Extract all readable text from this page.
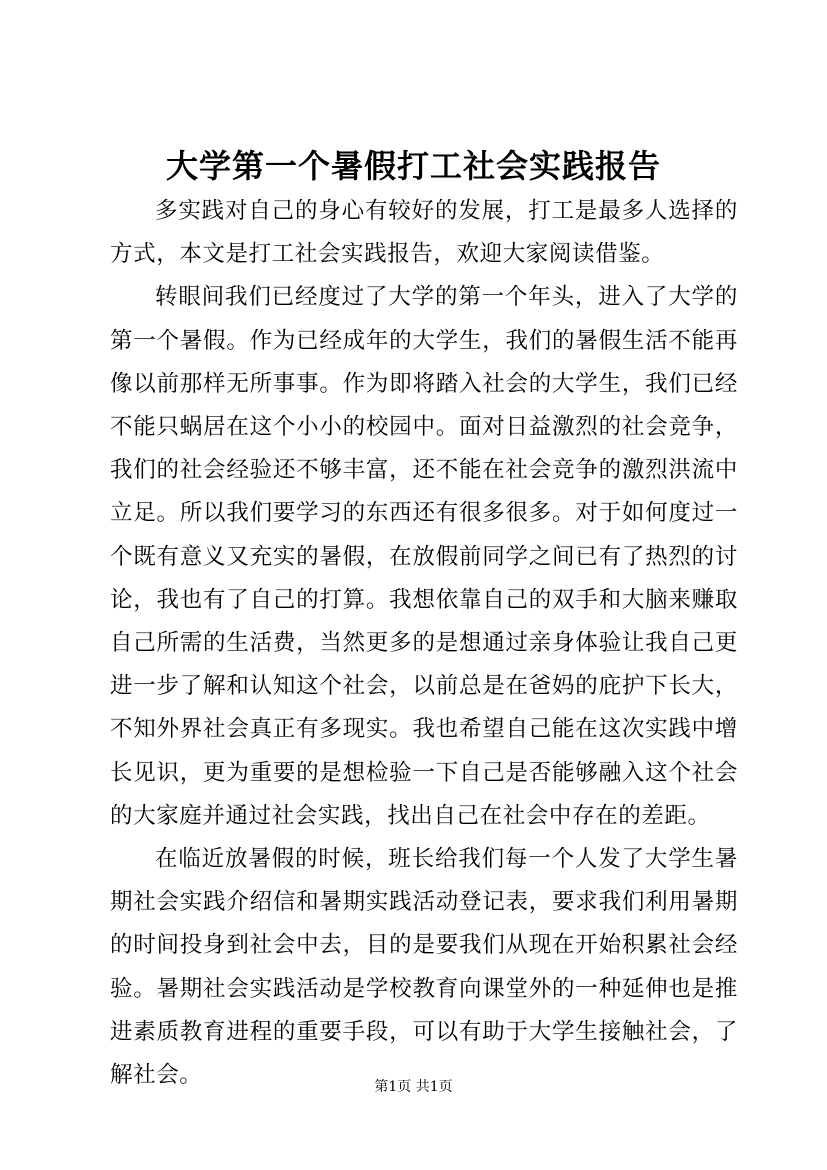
大学第一个暑假打工社会实践报告

多实践对自己的身心有较好的发展，打工是最多人选择的方式，本文是打工社会实践报告，欢迎大家阅读借鉴。

转眼间我们已经度过了大学的第一个年头，进入了大学的第一个暑假。作为已经成年的大学生，我们的暑假生活不能再像以前那样无所事事。作为即将踏入社会的大学生，我们已经不能只蜗居在这个小小的校园中。面对日益激烈的社会竞争，我们的社会经验还不够丰富，还不能在社会竞争的激烈洪流中立足。所以我们要学习的东西还有很多很多。对于如何度过一个既有意义又充实的暑假，在放假前同学之间已有了热烈的讨论，我也有了自己的打算。我想依靠自己的双手和大脑来赚取自己所需的生活费，当然更多的是想通过亲身体验让我自己更进一步了解和认知这个社会，以前总是在爸妈的庇护下长大，不知外界社会真正有多现实。我也希望自己能在这次实践中增长见识，更为重要的是想检验一下自己是否能够融入这个社会的大家庭并通过社会实践，找出自己在社会中存在的差距。

在临近放暑假的时候，班长给我们每一个人发了大学生暑期社会实践介绍信和暑期实践活动登记表，要求我们利用暑期的时间投身到社会中去，目的是要我们从现在开始积累社会经验。暑期社会实践活动是学校教育向课堂外的一种延伸也是推进素质教育进程的重要手段，可以有助于大学生接触社会，了解社会。	第1页 共1页
